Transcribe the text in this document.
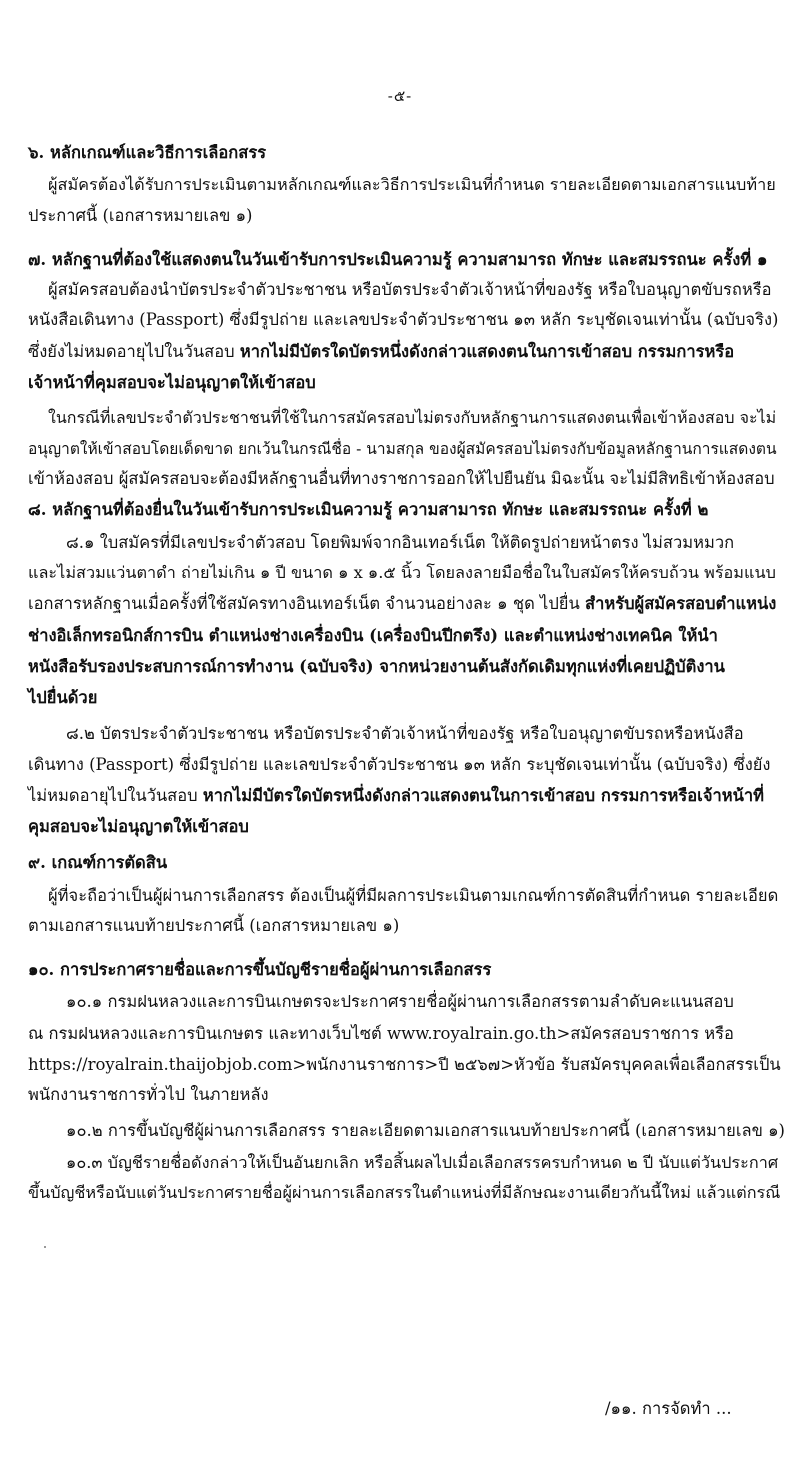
-๕-
๖. หลักเกณฑ์และวิธีการเลือกสรร
ผู้สมัครต้องได้รับการประเมินตามหลักเกณฑ์และวิธีการประเมินที่กำหนด รายละเอียดตามเอกสารแนบท้าย
ประกาศนี้ (เอกสารหมายเลข ๑)
๗. หลักฐานที่ต้องใช้แสดงตนในวันเข้ารับการประเมินความรู้ ความสามารถ ทักษะ และสมรรถนะ ครั้งที่ ๑
ผู้สมัครสอบต้องนำบัตรประจำตัวประชาชน หรือบัตรประจำตัวเจ้าหน้าที่ของรัฐ หรือใบอนุญาตขับรถหรือ
หนังสือเดินทาง (Passport) ซึ่งมีรูปถ่าย และเลขประจำตัวประชาชน ๑๓ หลัก ระบุชัดเจนเท่านั้น (ฉบับจริง)
ซึ่งยังไม่หมดอายุไปในวันสอบ หากไม่มีบัตรใดบัตรหนึ่งดังกล่าวแสดงตนในการเข้าสอบ กรรมการหรือ
เจ้าหน้าที่คุมสอบจะไม่อนุญาตให้เข้าสอบ
ในกรณีที่เลขประจำตัวประชาชนที่ใช้ในการสมัครสอบไม่ตรงกับหลักฐานการแสดงตนเพื่อเข้าห้องสอบ จะไม่
อนุญาตให้เข้าสอบโดยเด็ดขาด ยกเว้นในกรณีชื่อ - นามสกุล ของผู้สมัครสอบไม่ตรงกับข้อมูลหลักฐานการแสดงตน
เข้าห้องสอบ ผู้สมัครสอบจะต้องมีหลักฐานอื่นที่ทางราชการออกให้ไปยืนยัน มิฉะนั้น จะไม่มีสิทธิเข้าห้องสอบ
๘. หลักฐานที่ต้องยื่นในวันเข้ารับการประเมินความรู้ ความสามารถ ทักษะ และสมรรถนะ ครั้งที่ ๒
๘.๑ ใบสมัครที่มีเลขประจำตัวสอบ โดยพิมพ์จากอินเทอร์เน็ต ให้ติดรูปถ่ายหน้าตรง ไม่สวมหมวก
และไม่สวมแว่นตาดำ ถ่ายไม่เกิน ๑ ปี ขนาด ๑ x ๑.๕ นิ้ว โดยลงลายมือชื่อในใบสมัครให้ครบถ้วน พร้อมแนบ
เอกสารหลักฐานเมื่อครั้งที่ใช้สมัครทางอินเทอร์เน็ต จำนวนอย่างละ ๑ ชุด ไปยื่น สำหรับผู้สมัครสอบตำแหน่ง
ช่างอิเล็กทรอนิกส์การบิน ตำแหน่งช่างเครื่องบิน (เครื่องบินปีกตรึง) และตำแหน่งช่างเทคนิค ให้นำ
หนังสือรับรองประสบการณ์การทำงาน (ฉบับจริง) จากหน่วยงานต้นสังกัดเดิมทุกแห่งที่เคยปฏิบัติงาน
ไปยื่นด้วย
๘.๒ บัตรประจำตัวประชาชน หรือบัตรประจำตัวเจ้าหน้าที่ของรัฐ หรือใบอนุญาตขับรถหรือหนังสือ
เดินทาง (Passport) ซึ่งมีรูปถ่าย และเลขประจำตัวประชาชน ๑๓ หลัก ระบุชัดเจนเท่านั้น (ฉบับจริง) ซึ่งยัง
ไม่หมดอายุไปในวันสอบ หากไม่มีบัตรใดบัตรหนึ่งดังกล่าวแสดงตนในการเข้าสอบ กรรมการหรือเจ้าหน้าที่
คุมสอบจะไม่อนุญาตให้เข้าสอบ
๙. เกณฑ์การตัดสิน
ผู้ที่จะถือว่าเป็นผู้ผ่านการเลือกสรร ต้องเป็นผู้ที่มีผลการประเมินตามเกณฑ์การตัดสินที่กำหนด รายละเอียด
ตามเอกสารแนบท้ายประกาศนี้ (เอกสารหมายเลข ๑)
๑๐. การประกาศรายชื่อและการขึ้นบัญชีรายชื่อผู้ผ่านการเลือกสรร
๑๐.๑ กรมฝนหลวงและการบินเกษตรจะประกาศรายชื่อผู้ผ่านการเลือกสรรตามลำดับคะแนนสอบ
ณ กรมฝนหลวงและการบินเกษตร และทางเว็บไซต์ www.royalrain.go.th>สมัครสอบราชการ หรือ
https://royalrain.thaijobjob.com>พนักงานราชการ>ปี ๒๕๖๗>หัวข้อ รับสมัครบุคคลเพื่อเลือกสรรเป็น
พนักงานราชการทั่วไป ในภายหลัง
๑๐.๒ การขึ้นบัญชีผู้ผ่านการเลือกสรร รายละเอียดตามเอกสารแนบท้ายประกาศนี้ (เอกสารหมายเลข ๑)
๑๐.๓ บัญชีรายชื่อดังกล่าวให้เป็นอันยกเลิก หรือสิ้นผลไปเมื่อเลือกสรรครบกำหนด ๒ ปี นับแต่วันประกาศ
ขึ้นบัญชีหรือนับแต่วันประกาศรายชื่อผู้ผ่านการเลือกสรรในตำแหน่งที่มีลักษณะงานเดียวกันนี้ใหม่ แล้วแต่กรณี
/๑๑. การจัดทำ ...
